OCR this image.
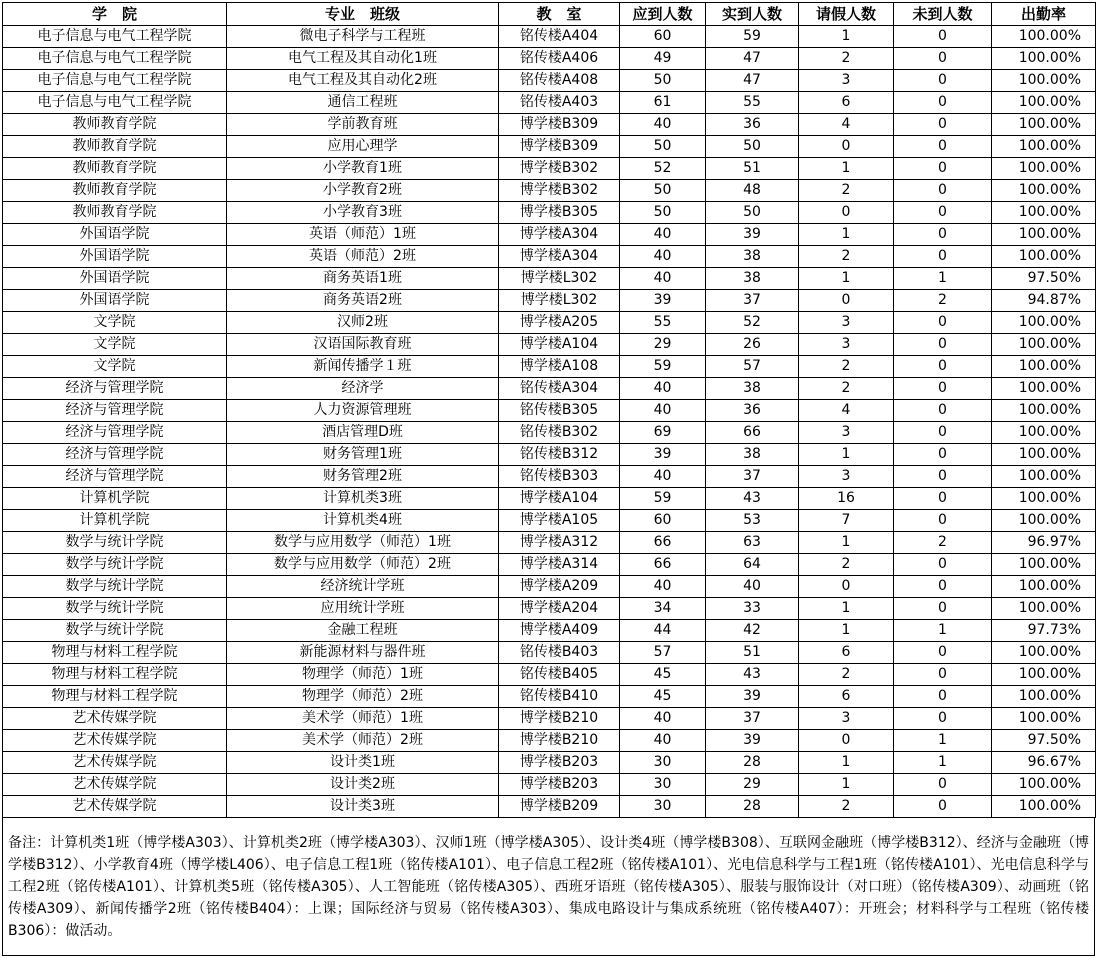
学　院	专业　班级	教　室	应到人数	实到人数	请假人数	未到人数	出勤率
电子信息与电气工程学院	微电子科学与工程班	铭传楼A404	60	59	1	0	100.00%
电子信息与电气工程学院	电气工程及其自动化1班	铭传楼A406	49	47	2	0	100.00%
电子信息与电气工程学院	电气工程及其自动化2班	铭传楼A408	50	47	3	0	100.00%
电子信息与电气工程学院	通信工程班	铭传楼A403	61	55	6	0	100.00%
教师教育学院	学前教育班	博学楼B309	40	36	4	0	100.00%
教师教育学院	应用心理学	博学楼B309	50	50	0	0	100.00%
教师教育学院	小学教育1班	博学楼B302	52	51	1	0	100.00%
教师教育学院	小学教育2班	博学楼B302	50	48	2	0	100.00%
教师教育学院	小学教育3班	博学楼B305	50	50	0	0	100.00%
外国语学院	英语（师范）1班	博学楼A304	40	39	1	0	100.00%
外国语学院	英语（师范）2班	博学楼A304	40	38	2	0	100.00%
外国语学院	商务英语1班	博学楼L302	40	38	1	1	97.50%
外国语学院	商务英语2班	博学楼L302	39	37	0	2	94.87%
文学院	汉师2班	博学楼A205	55	52	3	0	100.00%
文学院	汉语国际教育班	博学楼A104	29	26	3	0	100.00%
文学院	新闻传播学１班	博学楼A108	59	57	2	0	100.00%
经济与管理学院	经济学	铭传楼A304	40	38	2	0	100.00%
经济与管理学院	人力资源管理班	铭传楼B305	40	36	4	0	100.00%
经济与管理学院	酒店管理D班	铭传楼B302	69	66	3	0	100.00%
经济与管理学院	财务管理1班	铭传楼B312	39	38	1	0	100.00%
经济与管理学院	财务管理2班	铭传楼B303	40	37	3	0	100.00%
计算机学院	计算机类3班	博学楼A104	59	43	16	0	100.00%
计算机学院	计算机类4班	博学楼A105	60	53	7	0	100.00%
数学与统计学院	数学与应用数学（师范）1班	博学楼A312	66	63	1	2	96.97%
数学与统计学院	数学与应用数学（师范）2班	博学楼A314	66	64	2	0	100.00%
数学与统计学院	经济统计学班	博学楼A209	40	40	0	0	100.00%
数学与统计学院	应用统计学班	博学楼A204	34	33	1	0	100.00%
数学与统计学院	金融工程班	博学楼A409	44	42	1	1	97.73%
物理与材料工程学院	新能源材料与器件班	铭传楼B403	57	51	6	0	100.00%
物理与材料工程学院	物理学（师范）1班	铭传楼B405	45	43	2	0	100.00%
物理与材料工程学院	物理学（师范）2班	铭传楼B410	45	39	6	0	100.00%
艺术传媒学院	美术学（师范）1班	博学楼B210	40	37	3	0	100.00%
艺术传媒学院	美术学（师范）2班	博学楼B210	40	39	0	1	97.50%
艺术传媒学院	设计类1班	博学楼B203	30	28	1	1	96.67%
艺术传媒学院	设计类2班	博学楼B203	30	29	1	0	100.00%
艺术传媒学院	设计类3班	博学楼B209	30	28	2	0	100.00%
备注：计算机类1班（博学楼A303）、计算机类2班（博学楼A303）、汉师1班（博学楼A305）、设计类4班（博学楼B308）、互联网金融班（博学楼B312）、经济与金融班（博学楼B312）、小学教育4班（博学楼L406）、电子信息工程1班（铭传楼A101）、电子信息工程2班（铭传楼A101）、光电信息科学与工程1班（铭传楼A101）、光电信息科学与工程2班（铭传楼A101）、计算机类5班（铭传楼A305）、人工智能班（铭传楼A305）、西班牙语班（铭传楼A305）、服装与服饰设计（对口班）（铭传楼A309）、动画班（铭传楼A309）、新闻传播学2班（铭传楼B404）：上课；国际经济与贸易（铭传楼A303）、集成电路设计与集成系统班（铭传楼A407）：开班会；材料科学与工程班（铭传楼B306）：做活动。
